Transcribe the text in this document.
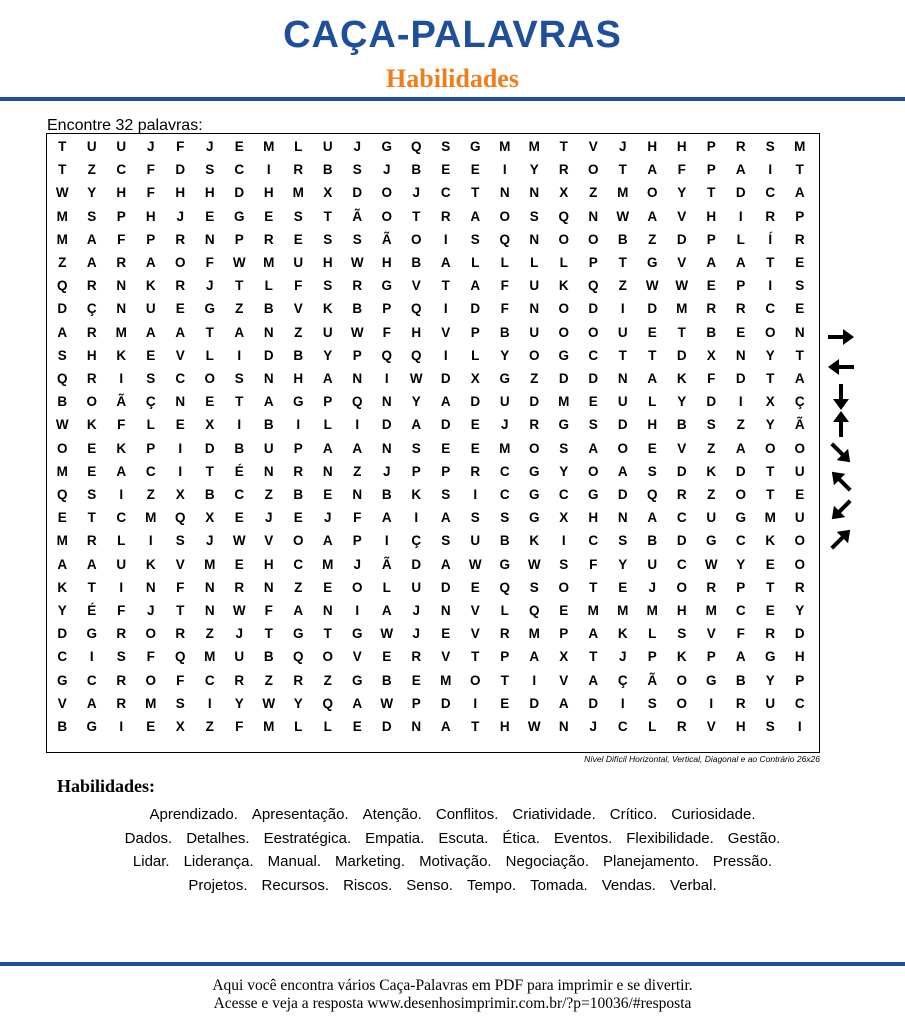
CAÇA-PALAVRAS
Habilidades
Encontre 32 palavras:
T	U	U	J	F	J	E	M	L	U	J	G	Q	S	G	M	M	T	V	J	H	H	P	R	S	M
T	Z	C	F	D	S	C	I	R	B	S	J	B	E	E	I	Y	R	O	T	A	F	P	A	I	T
W	Y	H	F	H	H	D	H	M	X	D	O	J	C	T	N	N	X	Z	M	O	Y	T	D	C	A
M	S	P	H	J	E	G	E	S	T	Ã	O	T	R	A	O	S	Q	N	W	A	V	H	I	R	P
M	A	F	P	R	N	P	R	E	S	S	Ã	O	I	S	Q	N	O	O	B	Z	D	P	L	Í	R
Z	A	R	A	O	F	W	M	U	H	W	H	B	A	L	L	L	L	P	T	G	V	A	A	T	E
Q	R	N	K	R	J	T	L	F	S	R	G	V	T	A	F	U	K	Q	Z	W	W	E	P	I	S
D	Ç	N	U	E	G	Z	B	V	K	B	P	Q	I	D	F	N	O	D	I	D	M	R	R	C	E
A	R	M	A	A	T	A	N	Z	U	W	F	H	V	P	B	U	O	O	U	E	T	B	E	O	N
S	H	K	E	V	L	I	D	B	Y	P	Q	Q	I	L	Y	O	G	C	T	T	D	X	N	Y	T
Q	R	I	S	C	O	S	N	H	A	N	I	W	D	X	G	Z	D	D	N	A	K	F	D	T	A
B	O	Ã	Ç	N	E	T	A	G	P	Q	N	Y	A	D	U	D	M	E	U	L	Y	D	I	X	Ç
W	K	F	L	E	X	I	B	I	L	I	D	A	D	E	J	R	G	S	D	H	B	S	Z	Y	Ã
O	E	K	P	I	D	B	U	P	A	A	N	S	E	E	M	O	S	A	O	E	V	Z	A	O	O
M	E	A	C	I	T	É	N	R	N	Z	J	P	P	R	C	G	Y	O	A	S	D	K	D	T	U
Q	S	I	Z	X	B	C	Z	B	E	N	B	K	S	I	C	G	C	G	D	Q	R	Z	O	T	E
E	T	C	M	Q	X	E	J	E	J	F	A	I	A	S	S	G	X	H	N	A	C	U	G	M	U
M	R	L	I	S	J	W	V	O	A	P	I	Ç	S	U	B	K	I	C	S	B	D	G	C	K	O
A	A	U	K	V	M	E	H	C	M	J	Ã	D	A	W	G	W	S	F	Y	U	C	W	Y	E	O
K	T	I	N	F	N	R	N	Z	E	O	L	U	D	E	Q	S	O	T	E	J	O	R	P	T	R
Y	É	F	J	T	N	W	F	A	N	I	A	J	N	V	L	Q	E	M	M	M	H	M	C	E	Y
D	G	R	O	R	Z	J	T	G	T	G	W	J	E	V	R	M	P	A	K	L	S	V	F	R	D
C	I	S	F	Q	M	U	B	Q	O	V	E	R	V	T	P	A	X	T	J	P	K	P	A	G	H
G	C	R	O	F	C	R	Z	R	Z	G	B	E	M	O	T	I	V	A	Ç	Ã	O	G	B	Y	P
V	A	R	M	S	I	Y	W	Y	Q	A	W	P	D	I	E	D	A	D	I	S	O	I	R	U	C
B	G	I	E	X	Z	F	M	L	L	E	D	N	A	T	H	W	N	J	C	L	R	V	H	S	I
Nível Difícil Horizontal, Vertical, Diagonal e ao Contrário 26x26
Habilidades:
Aprendizado. Apresentação. Atenção. Conflitos. Criatividade. Crítico. Curiosidade.
Dados. Detalhes. Eestratégica. Empatia. Escuta. Ética. Eventos. Flexibilidade. Gestão.
Lidar. Liderança. Manual. Marketing. Motivação. Negociação. Planejamento. Pressão.
Projetos. Recursos. Riscos. Senso. Tempo. Tomada. Vendas. Verbal.
Aqui você encontra vários Caça-Palavras em PDF para imprimir e se divertir.
Acesse e veja a resposta www.desenhosimprimir.com.br/?p=10036/#resposta
